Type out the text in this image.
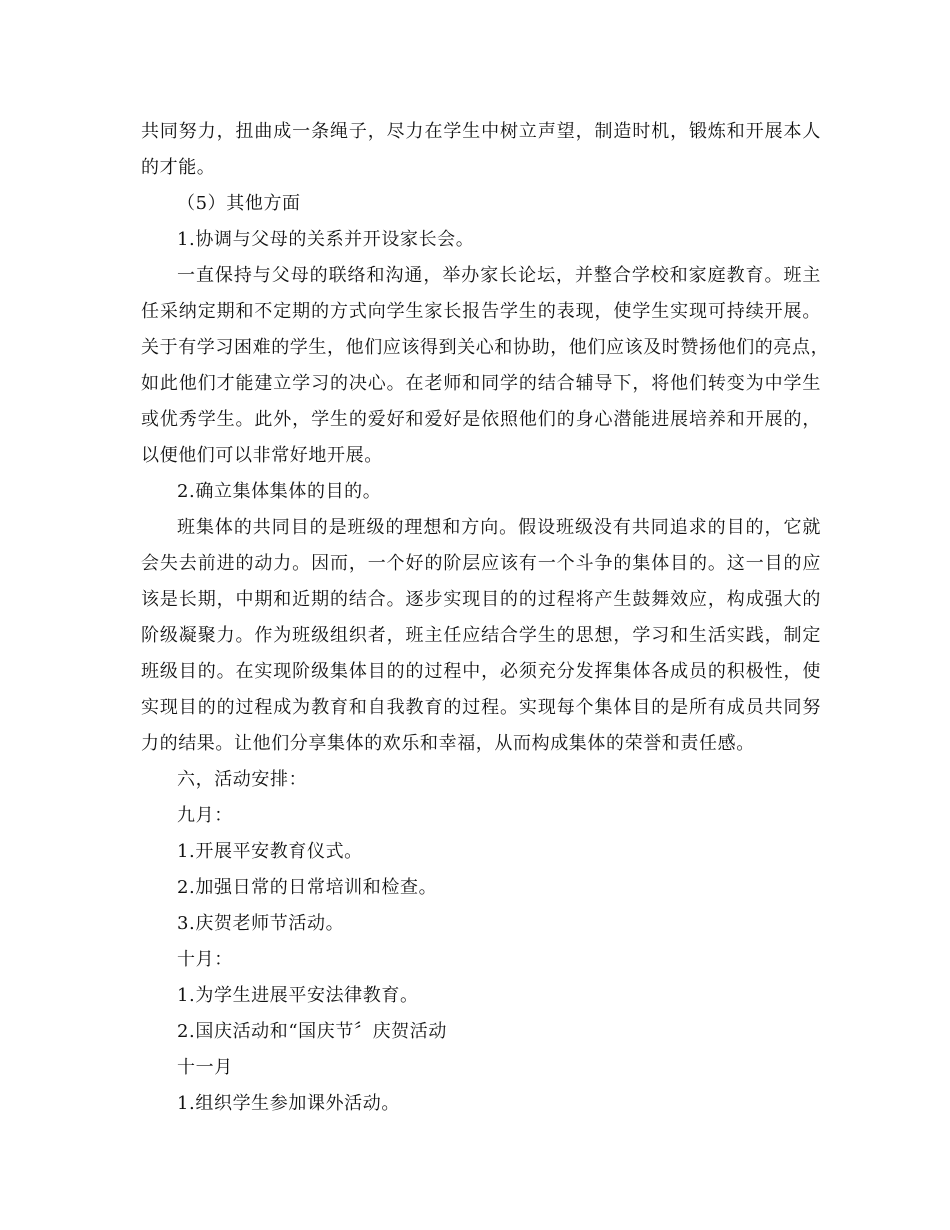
共同努力，扭曲成一条绳子，尽力在学生中树立声望，制造时机，锻炼和开展本人
的才能。
（5）其他方面
1.协调与父母的关系并开设家长会。
一直保持与父母的联络和沟通，举办家长论坛，并整合学校和家庭教育。班主
任采纳定期和不定期的方式向学生家长报告学生的表现，使学生实现可持续开展。
关于有学习困难的学生，他们应该得到关心和协助，他们应该及时赞扬他们的亮点，
如此他们才能建立学习的决心。在老师和同学的结合辅导下，将他们转变为中学生
或优秀学生。此外，学生的爱好和爱好是依照他们的身心潜能进展培养和开展的，
以便他们可以非常好地开展。
2.确立集体集体的目的。
班集体的共同目的是班级的理想和方向。假设班级没有共同追求的目的，它就
会失去前进的动力。因而，一个好的阶层应该有一个斗争的集体目的。这一目的应
该是长期，中期和近期的结合。逐步实现目的的过程将产生鼓舞效应，构成强大的
阶级凝聚力。作为班级组织者，班主任应结合学生的思想，学习和生活实践，制定
班级目的。在实现阶级集体目的的过程中，必须充分发挥集体各成员的积极性，使
实现目的的过程成为教育和自我教育的过程。实现每个集体目的是所有成员共同努
力的结果。让他们分享集体的欢乐和幸福，从而构成集体的荣誉和责任感。
六，活动安排：
九月：
1.开展平安教育仪式。
2.加强日常的日常培训和检查。
3.庆贺老师节活动。
十月：
1.为学生进展平安法律教育。
2.国庆活动和“国庆节〞庆贺活动
十一月
1.组织学生参加课外活动。
